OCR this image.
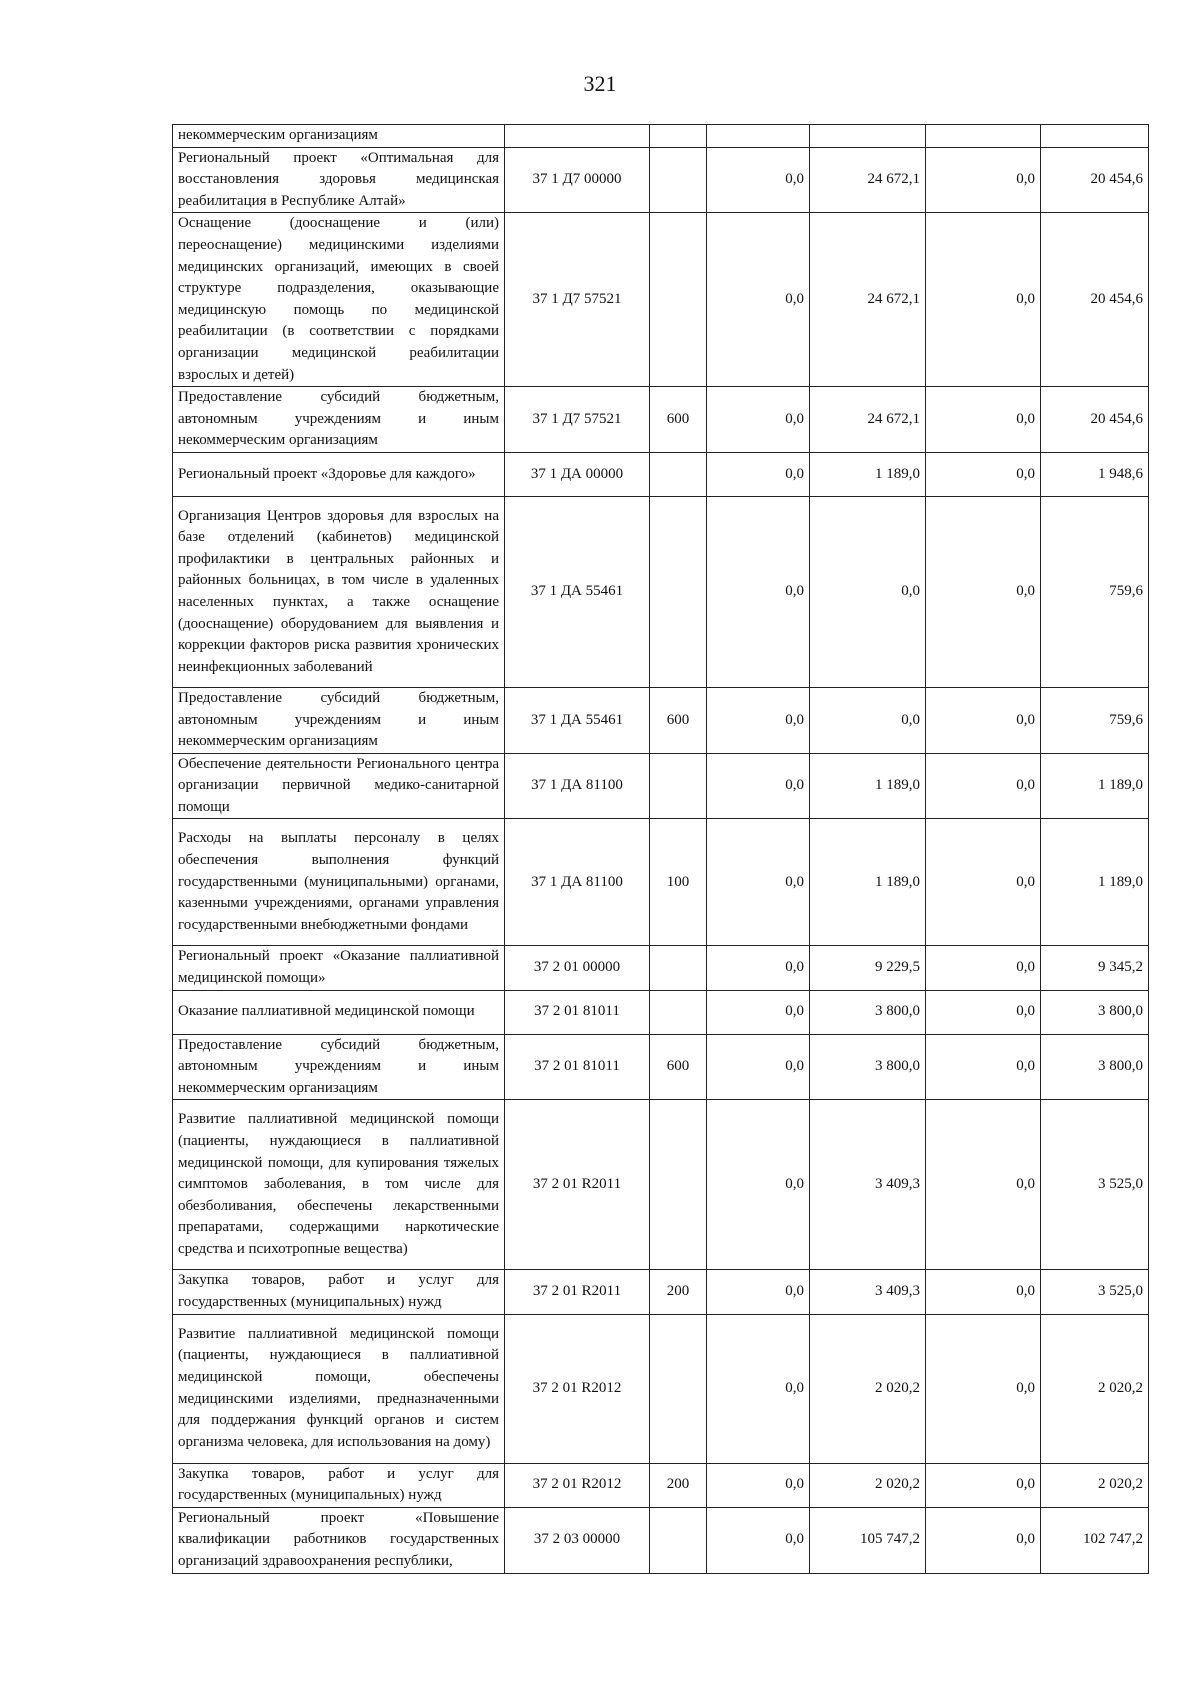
321
некоммерческим организациям						
Региональный проект «Оптимальная для восстановления здоровья медицинская реабилитация в Республике Алтай»	37 1 Д7 00000		0,0	24 672,1	0,0	20 454,6
Оснащение (дооснащение и (или) переоснащение) медицинскими изделиями медицинских организаций, имеющих в своей структуре подразделения, оказывающие медицинскую помощь по медицинской реабилитации (в соответствии с порядками организации медицинской реабилитации взрослых и детей)	37 1 Д7 57521		0,0	24 672,1	0,0	20 454,6
Предоставление субсидий бюджетным, автономным учреждениям и иным некоммерческим организациям	37 1 Д7 57521	600	0,0	24 672,1	0,0	20 454,6
Региональный проект «Здоровье для каждого»	37 1 ДА 00000		0,0	1 189,0	0,0	1 948,6
Организация Центров здоровья для взрослых на базе отделений (кабинетов) медицинской профилактики в центральных районных и районных больницах, в том числе в удаленных населенных пунктах, а также оснащение (дооснащение) оборудованием для выявления и коррекции факторов риска развития хронических неинфекционных заболеваний	37 1 ДА 55461		0,0	0,0	0,0	759,6
Предоставление субсидий бюджетным, автономным учреждениям и иным некоммерческим организациям	37 1 ДА 55461	600	0,0	0,0	0,0	759,6
Обеспечение деятельности Регионального центра организации первичной медико-санитарной помощи	37 1 ДА 81100		0,0	1 189,0	0,0	1 189,0
Расходы на выплаты персоналу в целях обеспечения выполнения функций государственными (муниципальными) органами, казенными учреждениями, органами управления государственными внебюджетными фондами	37 1 ДА 81100	100	0,0	1 189,0	0,0	1 189,0
Региональный проект «Оказание паллиативной медицинской помощи»	37 2 01 00000		0,0	9 229,5	0,0	9 345,2
Оказание паллиативной медицинской помощи	37 2 01 81011		0,0	3 800,0	0,0	3 800,0
Предоставление субсидий бюджетным, автономным учреждениям и иным некоммерческим организациям	37 2 01 81011	600	0,0	3 800,0	0,0	3 800,0
Развитие паллиативной медицинской помощи (пациенты, нуждающиеся в паллиативной медицинской помощи, для купирования тяжелых симптомов заболевания, в том числе для обезболивания, обеспечены лекарственными препаратами, содержащими наркотические средства и психотропные вещества)	37 2 01 R2011		0,0	3 409,3	0,0	3 525,0
Закупка товаров, работ и услуг для государственных (муниципальных) нужд	37 2 01 R2011	200	0,0	3 409,3	0,0	3 525,0
Развитие паллиативной медицинской помощи (пациенты, нуждающиеся в паллиативной медицинской помощи, обеспечены медицинскими изделиями, предназначенными для поддержания функций органов и систем организма человека, для использования на дому)	37 2 01 R2012		0,0	2 020,2	0,0	2 020,2
Закупка товаров, работ и услуг для государственных (муниципальных) нужд	37 2 01 R2012	200	0,0	2 020,2	0,0	2 020,2
Региональный проект «Повышение квалификации работников государственных организаций здравоохранения республики,	37 2 03 00000		0,0	105 747,2	0,0	102 747,2
